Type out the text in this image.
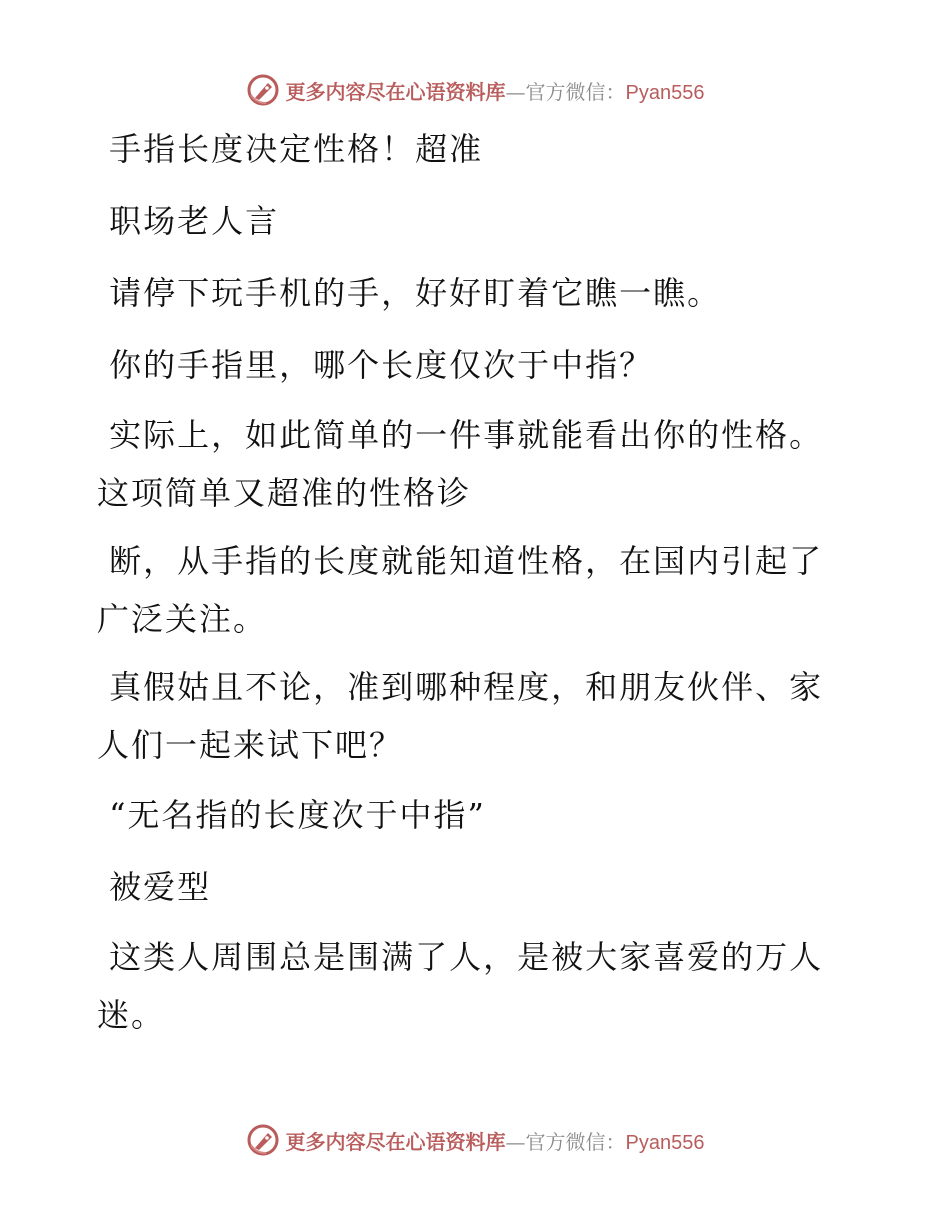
更多内容尽在心语资料库—官方微信：Pyan556

手指长度决定性格！超准

职场老人言

请停下玩手机的手，好好盯着它瞧一瞧。

你的手指里，哪个长度仅次于中指？

实际上，如此简单的一件事就能看出你的性格。这项简单又超准的性格诊

断，从手指的长度就能知道性格，在国内引起了广泛关注。

真假姑且不论，准到哪种程度，和朋友伙伴、家人们一起来试下吧？

“无名指的长度次于中指”

被爱型

这类人周围总是围满了人，是被大家喜爱的万人迷。

更多内容尽在心语资料库—官方微信：Pyan556
